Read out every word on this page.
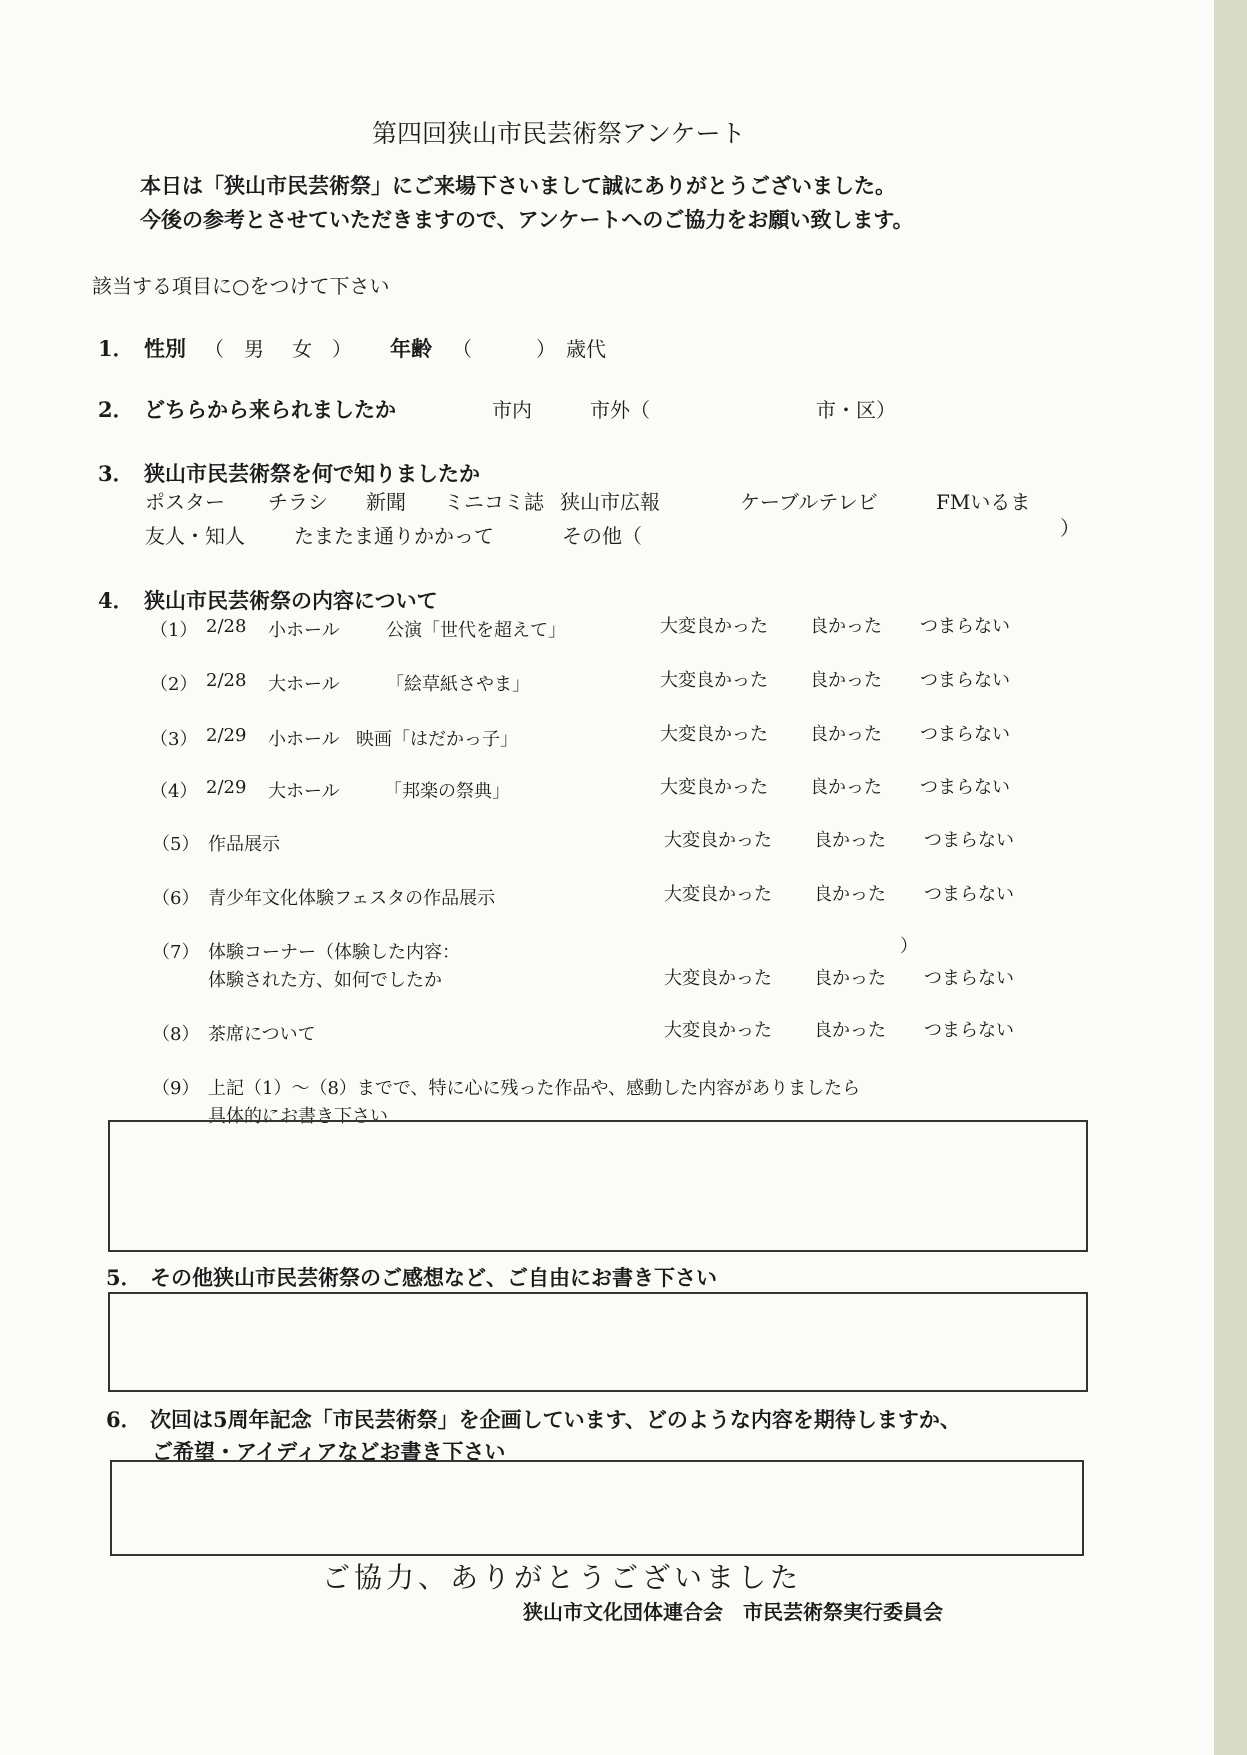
第四回狭山市民芸術祭アンケート
本日は「狭山市民芸術祭」にご来場下さいまして誠にありがとうございました。
今後の参考とさせていただきますので、アンケートへのご協力をお願い致します。
該当する項目に○をつけて下さい
1． 性別 （ 男 女 ） 年齢 （	） 歳代
2． どちらから来られましたか	市内	市外（	市・区）
3． 狭山市民芸術祭を何で知りましたか
ポスター チラシ 新聞 ミニコミ誌 狭山市広報	ケーブルテレビ	FMいるま
友人・知人 たまたま通りかかって	その他（	）
4． 狭山市民芸術祭の内容について
（1） 2/28 小ホール	公演「世代を超えて」	大変良かった 良かった つまらない
（2） 2/28 大ホール	「絵草紙さやま」	大変良かった 良かった つまらない
（3） 2/29 小ホール 映画「はだかっ子」	大変良かった 良かった つまらない
（4） 2/29 大ホール 「邦楽の祭典」	大変良かった 良かった つまらない
（5） 作品展示	大変良かった 良かった つまらない
（6） 青少年文化体験フェスタの作品展示	大変良かった 良かった つまらない
（7） 体験コーナー（体験した内容：	）
体験された方、如何でしたか	大変良かった 良かった つまらない
（8） 茶席について	大変良かった 良かった つまらない
（9） 上記（1）～（8）までで、特に心に残った作品や、感動した内容がありましたら
具体的にお書き下さい
5． その他狭山市民芸術祭のご感想など、ご自由にお書き下さい
6． 次回は5周年記念「市民芸術祭」を企画しています、どのような内容を期待しますか、
ご希望・アイディアなどお書き下さい
ご協力、ありがとうございました
狭山市文化団体連合会　市民芸術祭実行委員会
